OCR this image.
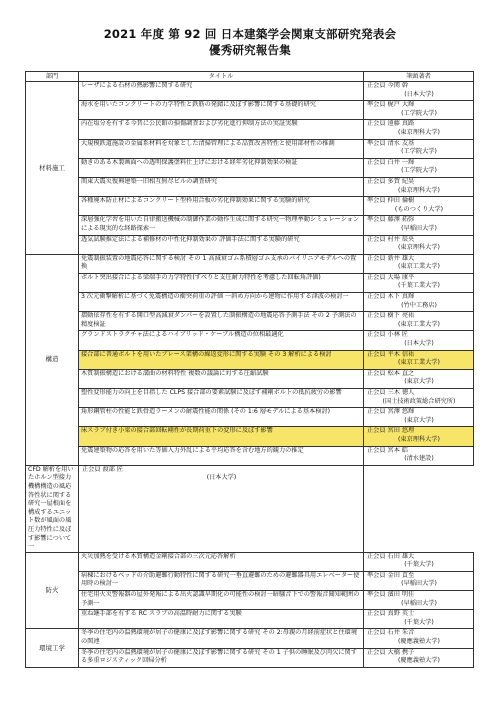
2021 年度 第 92 回 日本建築学会関東支部研究発表会
優秀研究報告集
部門	タイトル	筆頭著者
材料施工	レーザによる石材の熱影響に関する研究	正会員 今関 幹
(日本大学)

	海水を用いたコンクリートの力学特性と鉄筋の発錆に及ぼす影響に関する基礎的研究	準会員 梶戸 大輝
(工学院大学)

	内在塩分を有する今昔に公民館の損傷調査および劣化進行抑制方法の実証実験	正会員 遠藤 真路
(東京理科大学)

	大規模鉄道施設の金属系材料を対象とした清掃管理による品質改善特性と使用部材性の推測	準会員 清水 友基
(工学院大学)

	動きのある木製画面への透明保護塗料仕上げにおける経年劣化抑制効果の検証	正会員 白井 一輝
(工学院大学)

	関東大震災復興建築一旧相互無尽ビルの調査研究	正会員 多賀 紀昊
(東京理科大学)

	各種廃木防止材によるコンクリート型枠用合板の劣化抑制効果に関する実験的研究	準会員 仲田 倫樹
(ものつくり大学)

	深層強化学習を用いた自律搬送機械の制御作業の動作生成に関する研究一物理挙動シミュレーションによる現実的な経路探索一	準会員 藤澤 拓弥
(早稲田大学)

	透気試験推定法による補修材の中性化抑制効果の 評価手法に関する実験的研究	正会員 村井 辰央
(東京理科大学)

構造	免震制振装置の地震応答に関する検討 その 1 高減衰ゴム系積層ゴム支承のバイリニアモデルへの置換	正会員 新井 雄大
(東京工業大学)

	ボルト突出接合による梁端手の力学特性(すべりと支圧耐力特性を考慮した回転角評価)	正会員 大場 康平
(千葉工業大学)

	3 次元衝撃解析に基づく免震構造の衝突荷重の評価 一斜め方向から建物に作用する津波の検討一	正会員 木下 真輝
(竹中工務店)

	摺動依存性を有する開口型高減衰ダンパーを設置した制振構造の地震応答予測手法 その 2 予測法の精度検証	正会員 樹下 亮祐
(東京工業大学)

	グランドストラクチャ法によるハイブリッド・ケーブル構造の位相最適化	正会員 小林 匠
(日本大学)

	接合部に普通ボルトを用いたブレース架構の繰返変形に関する実験 その 3 解析による検討	正会員 平木 信祐
(東京工業大学)

	木質制振構造における溝曲の材料特性 複数の議論に対する圧縮試験	正会員 松本 直之
(東京大学)

	塑性変形能力の向上を目指した CLPS 接合部の要素試験に及ぼす補剛ボルトの抵抗疲労の影響	正会員 三木 徳人
(国土技術政策総合研究所)

	角形鋼管柱の性能と鉄骨造ラーメンの耐震性能の関係 (その 1:6 層モデルによる基本検討)	正会員 宮澤 悠輝
(東京大学)

	床スラブ付き小梁の接合部回転剛性が長期荷重下の変形に及ぼす影響	正会員 宮田 悠理
(東京理科大学)

	免震建築物の応答を用いた等価入力外乱による平均応答を含む地方的観力の推定	正会員 宮本 皓
(清水建設)

CFD 解析を用いたホルン型接力機構構造の風応答性状に関する研究一屋根面を構成するユニット数が風面の風圧力特性に及ぼす影響について一	正会員 渡部 匠
(日本大学)	

防火	火災加熱を受ける木質構造金剛接合部の三次元応答解析	正会員 石田 雄大
(千葉大学)

	病棟におけるベッドの介助避難行動特性に関する研究一垂直避難のための避難器具用エレベーター使用時の検討一	準会員 金田 貢至
(早稲田大学)

	住宅用火災警報器の屋外発報による出火認識早期化の可能性の検討一暗騒音下での警報音聞知範囲の予測一	準会員 濱田 明佳
(早稲田大学)

	重ね継手部を有する RC スラブの高温時耐力に関する実験	正会員 真野 英士
(千葉大学)

環境工学	冬季の住宅内の温熱環境が居子の健康に及ぼす影響に関する研究 その 2:母親の月経前症状と住環境の関連	正会員 石井 朱音
(慶應義塾大学)

	冬季の住宅内の温熱環境が居子の健康に及ぼす影響に関する研究 その 1 子供の睡眠及び肉欠に関する多重ロジスティック回帰分析	正会員 大橋 携子
(慶應義塾大学)
